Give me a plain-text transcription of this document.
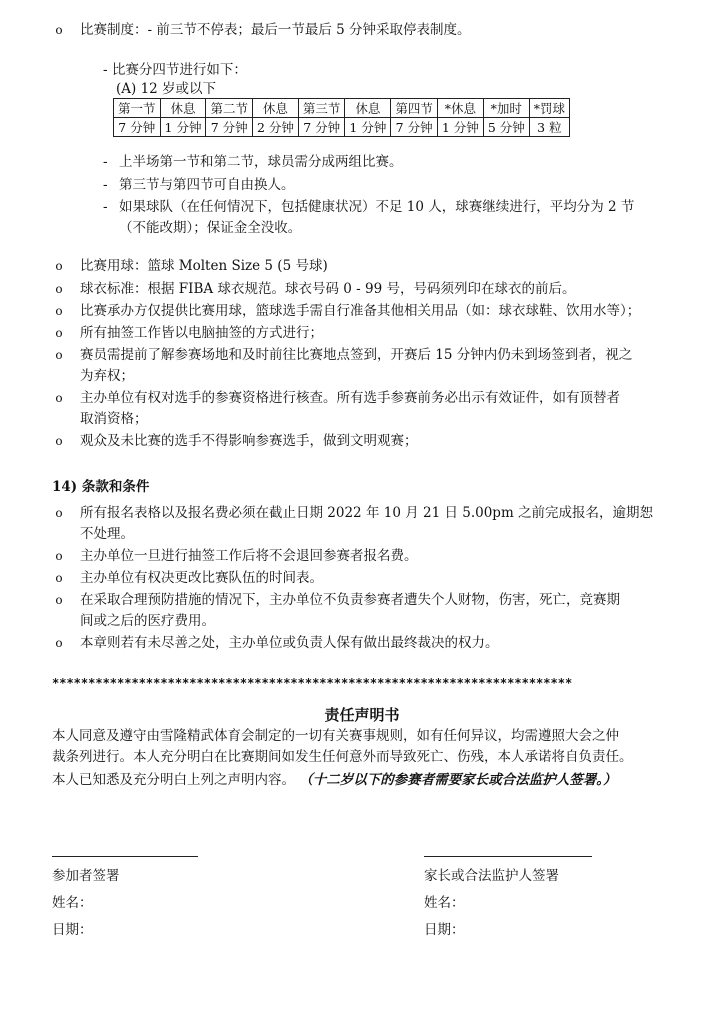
o 比赛制度：- 前三节不停表；最后一节最后 5 分钟采取停表制度。
- 比赛分四节进行如下：
(A) 12 岁或以下
第一节	休息	第二节	休息	第三节	休息	第四节	*休息	*加时	*罚球
7 分钟	1 分钟	7 分钟	2 分钟	7 分钟	1 分钟	7 分钟	1 分钟	5 分钟	3 粒
- 上半场第一节和第二节，球员需分成两组比赛。
- 第三节与第四节可自由换人。
- 如果球队（在任何情况下，包括健康状况）不足 10 人，球赛继续进行，平均分为 2 节
（不能改期）；保证金全没收。
o 比赛用球：篮球 Molten Size 5 (5 号球)
o 球衣标准：根据 FIBA 球衣规范。球衣号码 0 - 99 号，号码须列印在球衣的前后。
o 比赛承办方仅提供比赛用球，篮球选手需自行准备其他相关用品（如：球衣球鞋、饮用水等）；
o 所有抽签工作皆以电脑抽签的方式进行；
o 赛员需提前了解参赛场地和及时前往比赛地点签到，开赛后 15 分钟内仍未到场签到者，视之
为弃权；
o 主办单位有权对选手的参赛资格进行核查。所有选手参赛前务必出示有效证件，如有顶替者
取消资格；
o 观众及未比赛的选手不得影响参赛选手，做到文明观赛；
14) 条款和条件
o 所有报名表格以及报名费必须在截止日期 2022 年 10 月 21 日 5.00pm 之前完成报名，逾期恕
不处理。
o 主办单位一旦进行抽签工作后将不会退回参赛者报名费。
o 主办单位有权决更改比赛队伍的时间表。
o 在采取合理预防措施的情况下，主办单位不负责参赛者遭失个人财物，伤害，死亡，竞赛期
间或之后的医疗费用。
o 本章则若有未尽善之处，主办单位或负责人保有做出最终裁决的权力。
************************************************************************
责任声明书
本人同意及遵守由雪隆精武体育会制定的一切有关赛事规则，如有任何异议，均需遵照大会之仲
裁条列进行。本人充分明白在比赛期间如发生任何意外而导致死亡、伤残，本人承诺将自负责任。
本人已知悉及充分明白上列之声明内容。 （十二岁以下的参赛者需要家长或合法监护人签署。）
参加者签署	家长或合法监护人签署
姓名：	姓名：
日期：	日期：
